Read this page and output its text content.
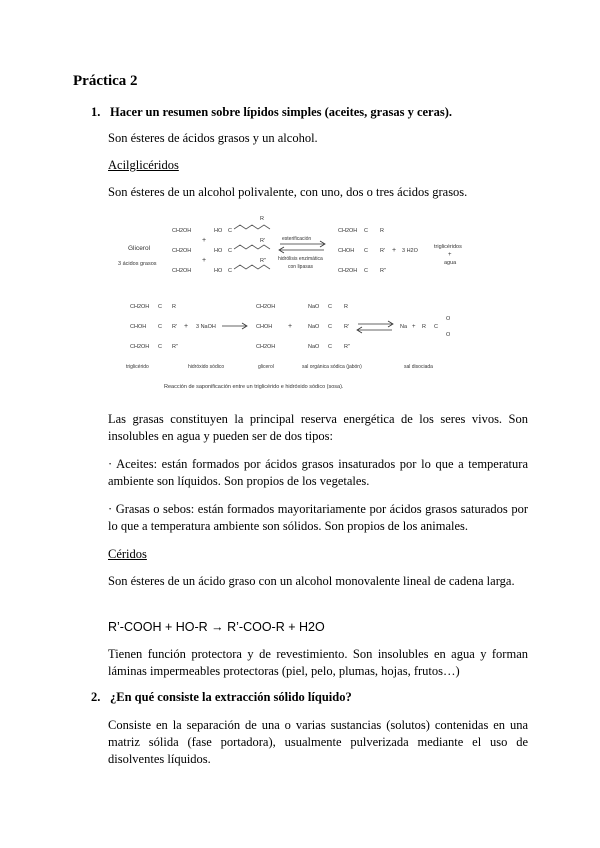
Práctica 2
1. Hacer un resumen sobre lípidos simples (aceites, grasas y ceras).
Son ésteres de ácidos grasos y un alcohol.
Acilglicéridos
Son ésteres de un alcohol polivalente, con uno, dos o tres ácidos grasos.
Glicerol
3 ácidos grasos
CH2OH
CH2OH
CH2OH
+
+
HO
HO
HO
C
C
C
R
R'
R''
esterificación
hidrólisis enzimática
con lipasas
CH2OH
CHOH
CH2OH
C
C
C
R
R'
R''
+ 3 H2O
triglicéridos
+
agua
CH2OH
CHOH
CH2OH
C
C
C
R
R'
R''
+ 3 NaOH
CH2OH
CHOH
CH2OH
+
NaO
NaO
NaO
C
C
C
R
R'
R''
Na + R C
O
O
triglicérido	hidróxido sódico	glicerol	sal orgánica sódica (jabón)	sal disociada
Reacción de saponificación entre un triglicérido e hidróxido sódico (sosa).
Las grasas constituyen la principal reserva energética de los seres vivos. Son insolubles en agua y pueden ser de dos tipos:
· Aceites: están formados por ácidos grasos insaturados por lo que a temperatura ambiente son líquidos. Son propios de los vegetales.
· Grasas o sebos: están formados mayoritariamente por ácidos grasos saturados por lo que a temperatura ambiente son sólidos. Son propios de los animales.
Céridos
Son ésteres de un ácido graso con un alcohol monovalente lineal de cadena larga.
R’-COOH + HO-R → R’-COO-R + H2O
Tienen función protectora y de revestimiento. Son insolubles en agua y forman láminas impermeables protectoras (piel, pelo, plumas, hojas, frutos…)
2. ¿En qué consiste la extracción sólido líquido?
Consiste en la separación de una o varias sustancias (solutos) contenidas en una matriz sólida (fase portadora), usualmente pulverizada mediante el uso de disolventes líquidos.
